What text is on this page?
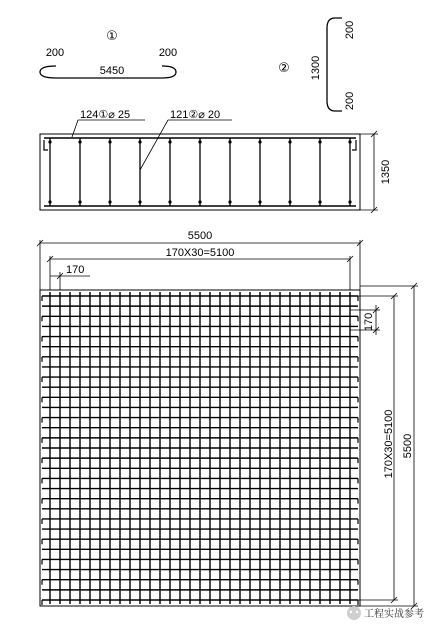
①
200	200
5450	②
200
1300
200
124①⌀ 25	121②⌀ 20
1350
5500
170X30=5100
170
170
170X30=5100 5500
工程实战参考
